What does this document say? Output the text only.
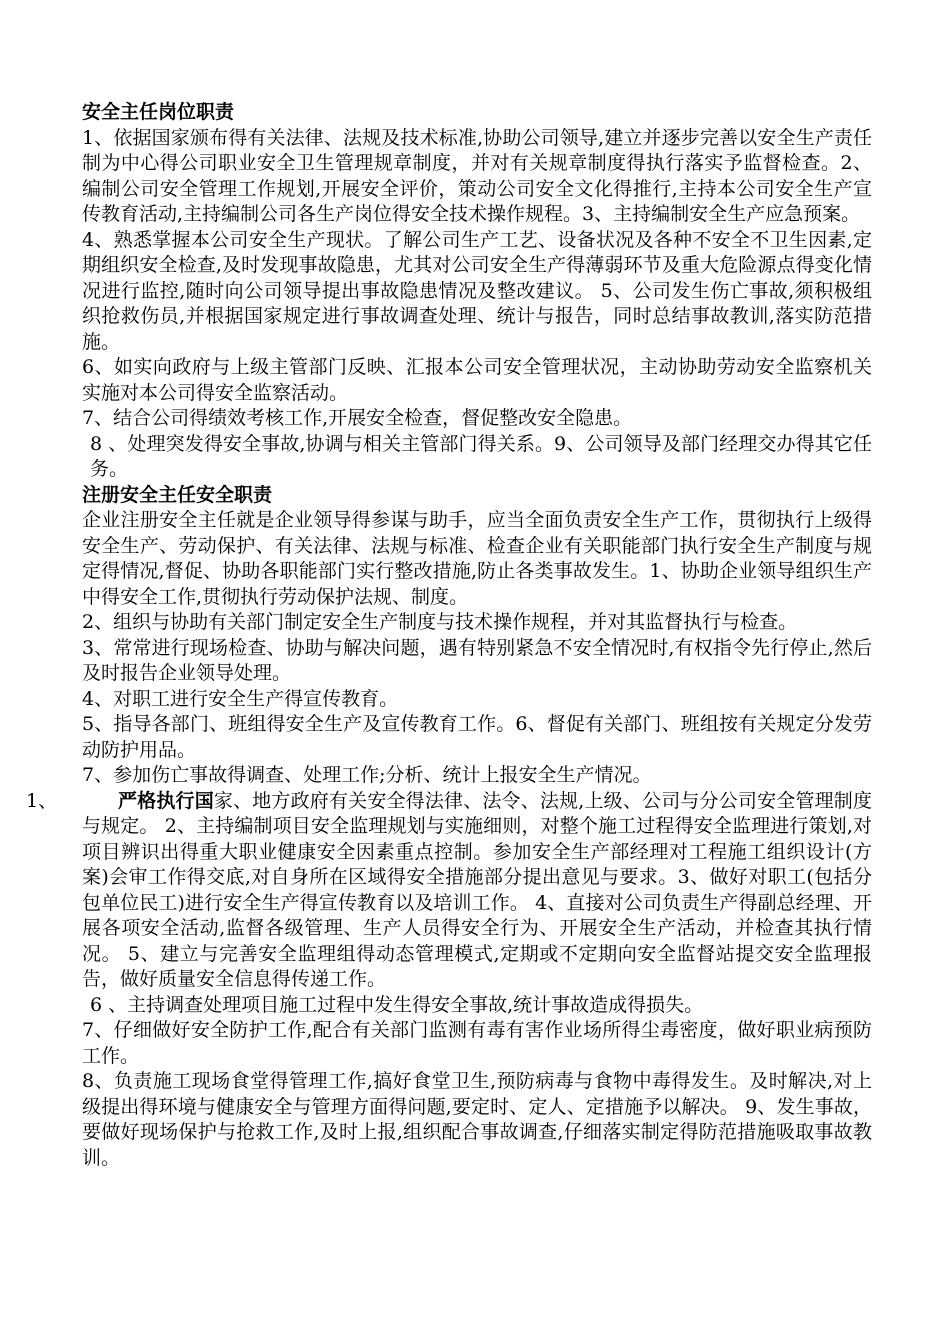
安全主任岗位职责

1、依据国家颁布得有关法律、法规及技术标准,协助公司领导,建立并逐步完善以安全生产责任制为中心得公司职业安全卫生管理规章制度，并对有关规章制度得执行落实予监督检查。2、编制公司安全管理工作规划,开展安全评价，策动公司安全文化得推行,主持本公司安全生产宣传教育活动,主持编制公司各生产岗位得安全技术操作规程。3、主持编制安全生产应急预案。

4、熟悉掌握本公司安全生产现状。了解公司生产工艺、设备状况及各种不安全不卫生因素,定期组织安全检查,及时发现事故隐患，尤其对公司安全生产得薄弱环节及重大危险源点得变化情况进行监控,随时向公司领导提出事故隐患情况及整改建议。 5、公司发生伤亡事故,须积极组织抢救伤员,并根据国家规定进行事故调查处理、统计与报告，同时总结事故教训,落实防范措施。

6、如实向政府与上级主管部门反映、汇报本公司安全管理状况，主动协助劳动安全监察机关实施对本公司得安全监察活动。

7、结合公司得绩效考核工作,开展安全检查，督促整改安全隐患。

8 、处理突发得安全事故,协调与相关主管部门得关系。9、公司领导及部门经理交办得其它任务。

注册安全主任安全职责

企业注册安全主任就是企业领导得参谋与助手，应当全面负责安全生产工作，贯彻执行上级得安全生产、劳动保护、有关法律、法规与标准、检查企业有关职能部门执行安全生产制度与规定得情况,督促、协助各职能部门实行整改措施,防止各类事故发生。1、协助企业领导组织生产中得安全工作,贯彻执行劳动保护法规、制度。

2、组织与协助有关部门制定安全生产制度与技术操作规程，并对其监督执行与检查。

3、常常进行现场检查、协助与解决问题，遇有特别紧急不安全情况时,有权指令先行停止,然后及时报告企业领导处理。

4、对职工进行安全生产得宣传教育。

5、指导各部门、班组得安全生产及宣传教育工作。6、督促有关部门、班组按有关规定分发劳动防护用品。

7、参加伤亡事故得调查、处理工作;分析、统计上报安全生产情况。

1、	严格执行国家、地方政府有关安全得法律、法令、法规,上级、公司与分公司安全管理制度与规定。 2、主持编制项目安全监理规划与实施细则，对整个施工过程得安全监理进行策划,对项目辨识出得重大职业健康安全因素重点控制。参加安全生产部经理对工程施工组织设计(方案)会审工作得交底,对自身所在区域得安全措施部分提出意见与要求。3、做好对职工(包括分包单位民工)进行安全生产得宣传教育以及培训工作。 4、直接对公司负责生产得副总经理、开展各项安全活动,监督各级管理、生产人员得安全行为、开展安全生产活动，并检查其执行情况。 5、建立与完善安全监理组得动态管理模式,定期或不定期向安全监督站提交安全监理报告，做好质量安全信息得传递工作。

6 、主持调查处理项目施工过程中发生得安全事故,统计事故造成得损失。

7、仔细做好安全防护工作,配合有关部门监测有毒有害作业场所得尘毒密度，做好职业病预防工作。

8、负责施工现场食堂得管理工作,搞好食堂卫生,预防病毒与食物中毒得发生。及时解决,对上级提出得环境与健康安全与管理方面得问题,要定时、定人、定措施予以解决。 9、发生事故，要做好现场保护与抢救工作,及时上报,组织配合事故调查,仔细落实制定得防范措施吸取事故教训。
